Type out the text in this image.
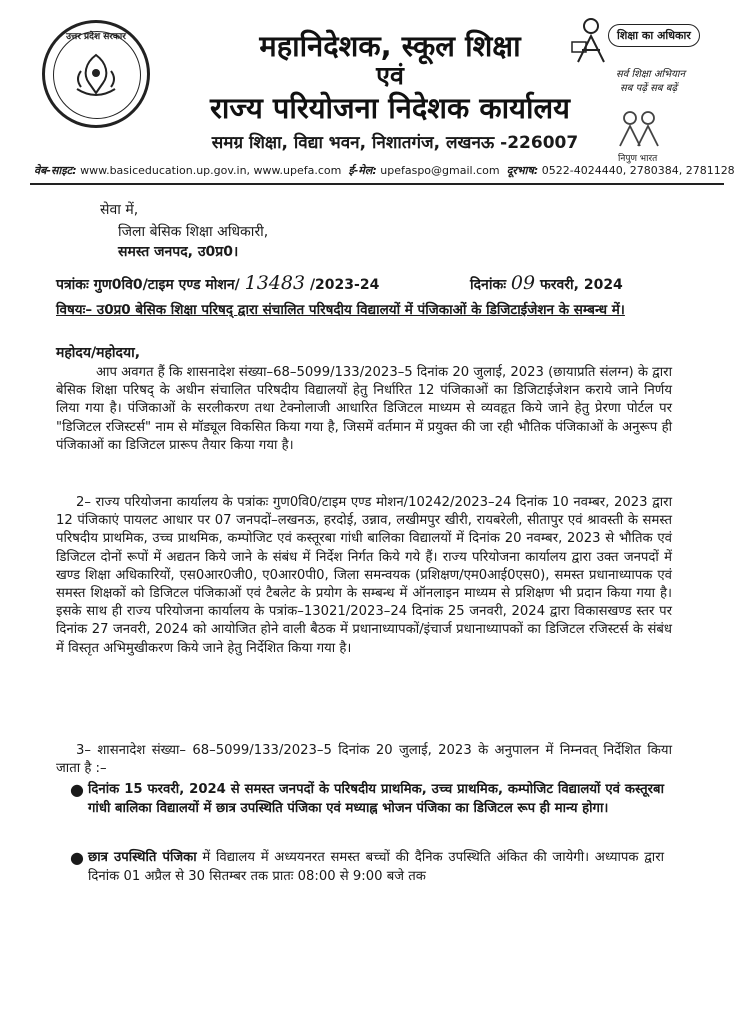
उत्तर प्रदेश सरकार	महानिदेशक, स्कूल शिक्षा
एवं
राज्य परियोजना निदेशक कार्यालय
समग्र शिक्षा, विद्या भवन, निशातगंज, लखनऊ -226007
शिक्षा का अधिकार
सर्व शिक्षा अभियान
सब पढ़ें सब बढ़ें
निपुण भारत
वेब-साइट: www.basiceducation.up.gov.in, www.upefa.com ई-मेल: upefaspo@gmail.com दूरभाष: 0522-4024440, 2780384, 2781128
सेवा में,
जिला बेसिक शिक्षा अधिकारी,
समस्त जनपद, उ0प्र0।
पत्रांकः गुण0वि0/टाइम एण्ड मोशन/ 13483 /2023-24	दिनांकः 09 फरवरी, 2024
विषयः– उ0प्र0 बेसिक शिक्षा परिषद् द्वारा संचालित परिषदीय विद्यालयों में पंजिकाओं के डिजिटाईजेशन के सम्बन्ध में।
महोदय/महोदया,
आप अवगत हैं कि शासनादेश संख्या–68–5099/133/2023–5 दिनांक 20 जुलाई, 2023 (छायाप्रति संलग्न) के द्वारा बेसिक शिक्षा परिषद् के अधीन संचालित परिषदीय विद्यालयों हेतु निर्धारित 12 पंजिकाओं का डिजिटाईजेशन कराये जाने निर्णय लिया गया है। पंजिकाओं के सरलीकरण तथा टेक्नोलाजी आधारित डिजिटल माध्यम से व्यवहृत किये जाने हेतु प्रेरणा पोर्टल पर "डिजिटल रजिस्टर्स" नाम से मॉड्यूल विकसित किया गया है, जिसमें वर्तमान में प्रयुक्त की जा रही भौतिक पंजिकाओं के अनुरूप ही पंजिकाओं का डिजिटल प्रारूप तैयार किया गया है।
2– राज्य परियोजना कार्यालय के पत्रांकः गुण0वि0/टाइम एण्ड मोशन/10242/2023–24 दिनांक 10 नवम्बर, 2023 द्वारा 12 पंजिकाएं पायलट आधार पर 07 जनपदों–लखनऊ, हरदोई, उन्नाव, लखीमपुर खीरी, रायबरेली, सीतापुर एवं श्रावस्ती के समस्त परिषदीय प्राथमिक, उच्च प्राथमिक, कम्पोजिट एवं कस्तूरबा गांधी बालिका विद्यालयों में दिनांक 20 नवम्बर, 2023 से भौतिक एवं डिजिटल दोनों रूपों में अद्यतन किये जाने के संबंध में निर्देश निर्गत किये गये हैं। राज्य परियोजना कार्यालय द्वारा उक्त जनपदों में खण्ड शिक्षा अधिकारियों, एस0आर0जी0, ए0आर0पी0, जिला समन्वयक (प्रशिक्षण/एम0आई0एस0), समस्त प्रधानाध्यापक एवं समस्त शिक्षकों को डिजिटल पंजिकाओं एवं टैबलेट के प्रयोग के सम्बन्ध में ऑनलाइन माध्यम से प्रशिक्षण भी प्रदान किया गया है। इसके साथ ही राज्य परियोजना कार्यालय के पत्रांक–13021/2023–24 दिनांक 25 जनवरी, 2024 द्वारा विकासखण्ड स्तर पर दिनांक 27 जनवरी, 2024 को आयोजित होने वाली बैठक में प्रधानाध्यापकों/इंचार्ज प्रधानाध्यापकों का डिजिटल रजिस्टर्स के संबंध में विस्तृत अभिमुखीकरण किये जाने हेतु निर्देशित किया गया है।
3– शासनादेश संख्या– 68–5099/133/2023–5 दिनांक 20 जुलाई, 2023 के अनुपालन में निम्नवत् निर्देशित किया जाता है :–
● दिनांक 15 फरवरी, 2024 से समस्त जनपदों के परिषदीय प्राथमिक, उच्च प्राथमिक, कम्पोजिट विद्यालयों एवं कस्तूरबा गांधी बालिका विद्यालयों में छात्र उपस्थिति पंजिका एवं मध्याह्न भोजन पंजिका का डिजिटल रूप ही मान्य होगा।
● छात्र उपस्थिति पंजिका में विद्यालय में अध्ययनरत समस्त बच्चों की दैनिक उपस्थिति अंकित की जायेगी। अध्यापक द्वारा दिनांक 01 अप्रैल से 30 सितम्बर तक प्रातः 08:00 से 9:00 बजे तक
